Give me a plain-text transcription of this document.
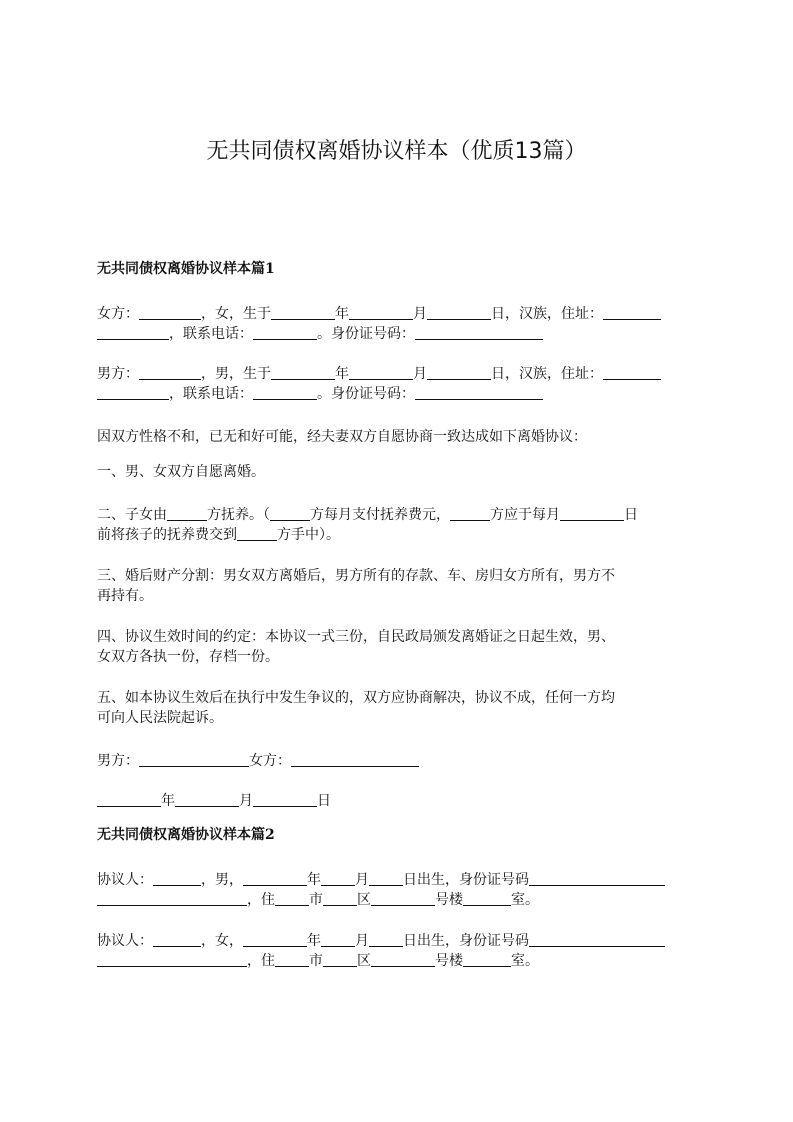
无共同债权离婚协议样本（优质13篇）
无共同债权离婚协议样本篇1
女方：	，女，生于	年	月	日，汉族，住址：
，联系电话：	。身份证号码：
男方：	，男，生于	年	月	日，汉族，住址：
，联系电话：	。身份证号码：
因双方性格不和，已无和好可能，经夫妻双方自愿协商一致达成如下离婚协议：
一、男、女双方自愿离婚。
二、子女由	方抚养。（	方每月支付抚养费元，	方应于每月	日
前将孩子的抚养费交到	方手中）。
三、婚后财产分割：男女双方离婚后，男方所有的存款、车、房归女方所有，男方不
再持有。
四、协议生效时间的约定：本协议一式三份，自民政局颁发离婚证之日起生效，男、
女双方各执一份，存档一份。
五、如本协议生效后在执行中发生争议的，双方应协商解决，协议不成，任何一方均
可向人民法院起诉。
男方：	女方：
年	月	日
无共同债权离婚协议样本篇2
协议人：	，男，	年 月 日出生，身份证号码
，住 市 区	号楼	室。
协议人：	，女，	年 月 日出生，身份证号码
，住 市 区	号楼	室。
